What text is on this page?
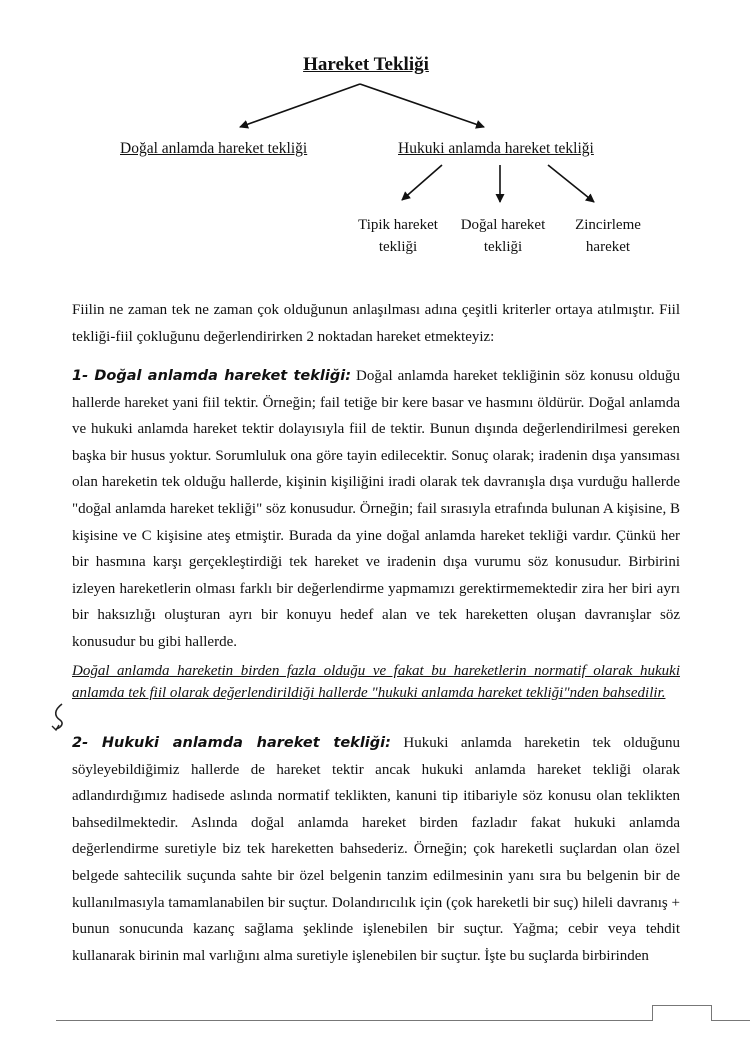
Hareket Tekliği
Doğal anlamda hareket tekliği	Hukuki anlamda hareket tekliği
Tipik hareket
tekliği
Doğal hareket
tekliği
Zincirleme
hareket

Fiilin ne zaman tek ne zaman çok olduğunun anlaşılması adına çeşitli kriterler ortaya atılmıştır. Fiil tekliği-fiil çokluğunu değerlendirirken 2 noktadan hareket etmekteyiz:

1- Doğal anlamda hareket tekliği: Doğal anlamda hareket tekliğinin söz konusu olduğu hallerde hareket yani fiil tektir. Örneğin; fail tetiğe bir kere basar ve hasmını öldürür. Doğal anlamda ve hukuki anlamda hareket tektir dolayısıyla fiil de tektir. Bunun dışında değerlendirilmesi gereken başka bir husus yoktur. Sorumluluk ona göre tayin edilecektir. Sonuç olarak; iradenin dışa yansıması olan hareketin tek olduğu hallerde, kişinin kişiliğini iradi olarak tek davranışla dışa vurduğu hallerde "doğal anlamda hareket tekliği" söz konusudur. Örneğin; fail sırasıyla etrafında bulunan A kişisine, B kişisine ve C kişisine ateş etmiştir. Burada da yine doğal anlamda hareket tekliği vardır. Çünkü her bir hasmına karşı gerçekleştirdiği tek hareket ve iradenin dışa vurumu söz konusudur. Birbirini izleyen hareketlerin olması farklı bir değerlendirme yapmamızı gerektirmemektedir zira her biri ayrı bir haksızlığı oluşturan ayrı bir konuyu hedef alan ve tek hareketten oluşan davranışlar söz konusudur bu gibi hallerde.

Doğal anlamda hareketin birden fazla olduğu ve fakat bu hareketlerin normatif olarak hukuki anlamda tek fiil olarak değerlendirildiği hallerde "hukuki anlamda hareket tekliği"nden bahsedilir.

2- Hukuki anlamda hareket tekliği: Hukuki anlamda hareketin tek olduğunu söyleyebildiğimiz hallerde de hareket tektir ancak hukuki anlamda hareket tekliği olarak adlandırdığımız hadisede aslında normatif teklikten, kanuni tip itibariyle söz konusu olan teklikten bahsedilmektedir. Aslında doğal anlamda hareket birden fazladır fakat hukuki anlamda değerlendirme suretiyle biz tek hareketten bahsederiz. Örneğin; çok hareketli suçlardan olan özel belgede sahtecilik suçunda sahte bir özel belgenin tanzim edilmesinin yanı sıra bu belgenin bir de kullanılmasıyla tamamlanabilen bir suçtur. Dolandırıcılık için (çok hareketli bir suç) hileli davranış + bunun sonucunda kazanç sağlama şeklinde işlenebilen bir suçtur. Yağma; cebir veya tehdit kullanarak birinin mal varlığını alma suretiyle işlenebilen bir suçtur. İşte bu suçlarda birbirinden
